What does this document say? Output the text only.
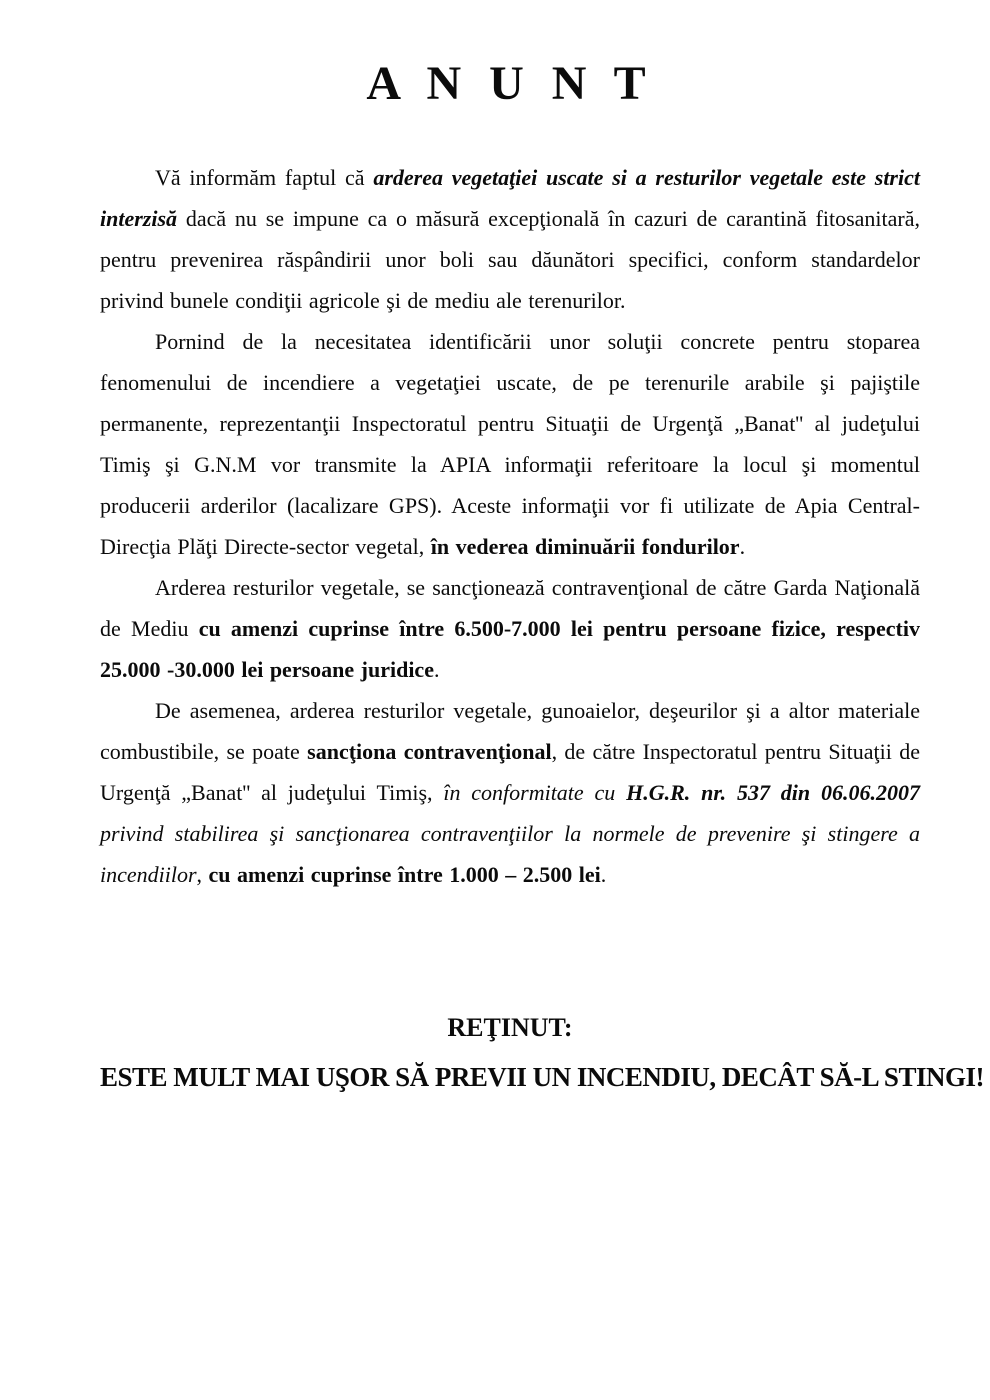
A N U N T

Vă informăm faptul că arderea vegetaţiei uscate si a resturilor vegetale este strict interzisă dacă nu se impune ca o măsură excepţională în cazuri de carantină fitosanitară, pentru prevenirea răspândirii unor boli sau dăunători specifici, conform standardelor privind bunele condiţii agricole şi de mediu ale terenurilor.

Pornind de la necesitatea identificării unor soluţii concrete pentru stoparea fenomenului de incendiere a vegetaţiei uscate, de pe terenurile arabile şi pajiştile permanente, reprezentanţii Inspectoratul pentru Situaţii de Urgenţă „Banat'' al judeţului Timiş şi G.N.M vor transmite la APIA informaţii referitoare la locul şi momentul producerii arderilor (lacalizare GPS). Aceste informaţii vor fi utilizate de Apia Central- Direcţia Plăţi Directe-sector vegetal, în vederea diminuării fondurilor.

Arderea resturilor vegetale, se sancţionează contravenţional de către Garda Naţională de Mediu cu amenzi cuprinse între 6.500-7.000 lei pentru persoane fizice, respectiv 25.000 -30.000 lei persoane juridice.

De asemenea, arderea resturilor vegetale, gunoaielor, deşeurilor şi a altor materiale combustibile, se poate sancţiona contravenţional, de către Inspectoratul pentru Situaţii de Urgenţă „Banat'' al judeţului Timiş, în conformitate cu H.G.R. nr. 537 din 06.06.2007 privind stabilirea şi sancţionarea contravenţiilor la normele de prevenire şi stingere a incendiilor, cu amenzi cuprinse între 1.000 – 2.500 lei.

REŢINUT:
ESTE MULT MAI UŞOR SĂ PREVII UN INCENDIU, DECÂT SĂ-L STINGI!
